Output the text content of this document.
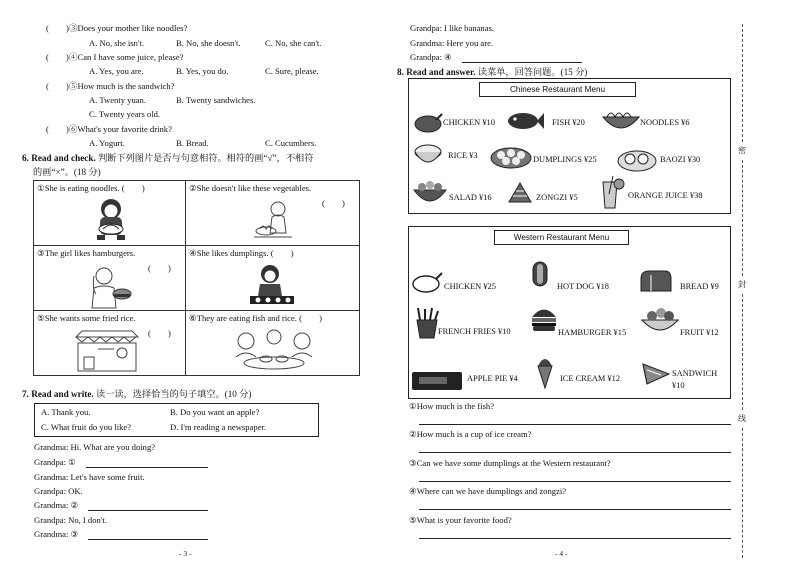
(　　)③Does your mother like noodles?
A. No, she isn't.	B. No, she doesn't.	C. No, she can't.
(　　)④Can I have some juice, please?
A. Yes, you are.	B. Yes, you do.	C. Sure, please.
(　　)⑤How much is the sandwich?
A. Twenty yuan.	B. Twenty sandwiches.
C. Twenty years old.
(　　)⑥What's your favorite drink?
A. Yogurt.	B. Bread.	C. Cucumbers.
6. Read and check. 判断下列图片是否与句意相符。相符的画“√”，不相符
的画“×”。(18 分)
①She is eating noodles. (　　)	②She doesn't like these vegetables.
(　　)
③The girl likes hamburgers.
(　　)
④She likes dumplings. (　　)
⑤She wants some fried rice.
(　　)
⑥They are eating fish and rice. (　　)
7. Read and write. 读一读，选择恰当的句子填空。(10 分)
A. Thank you.	B. Do you want an apple?
C. What fruit do you like?	D. I'm reading a newspaper.
Grandma: Hi. What are you doing?
Grandpa: ①
Grandma: Let's have some fruit.
Grandpa: OK.
Grandma: ②
Grandpa: No, I don't.
Grandma: ③
- 3 -
Grandpa: I like bananas.
Grandma: Here you are.
Grandpa: ④
8. Read and answer. 读菜单，回答问题。(15 分)
Chinese Restaurant Menu
CHICKEN ¥10	FISH ¥20	NOODLES ¥6
RICE ¥3	DUMPLINGS ¥25	BAOZI ¥30
SALAD ¥16	ZONGZI ¥5	ORANGE JUICE ¥38
Western Restaurant Menu
CHICKEN ¥25	HOT DOG ¥18	BREAD ¥9
FRENCH FRIES ¥10	HAMBURGER ¥15	FRUIT ¥12
APPLE PIE ¥4	ICE CREAM ¥12
SANDWICH
¥10
①How much is the fish?
②How much is a cup of ice cream?
③Can we have some dumplings at the Western restaurant?
④Where can we have dumplings and zongzi?
⑤What is your favorite food?
- 4 -
密
封
线
